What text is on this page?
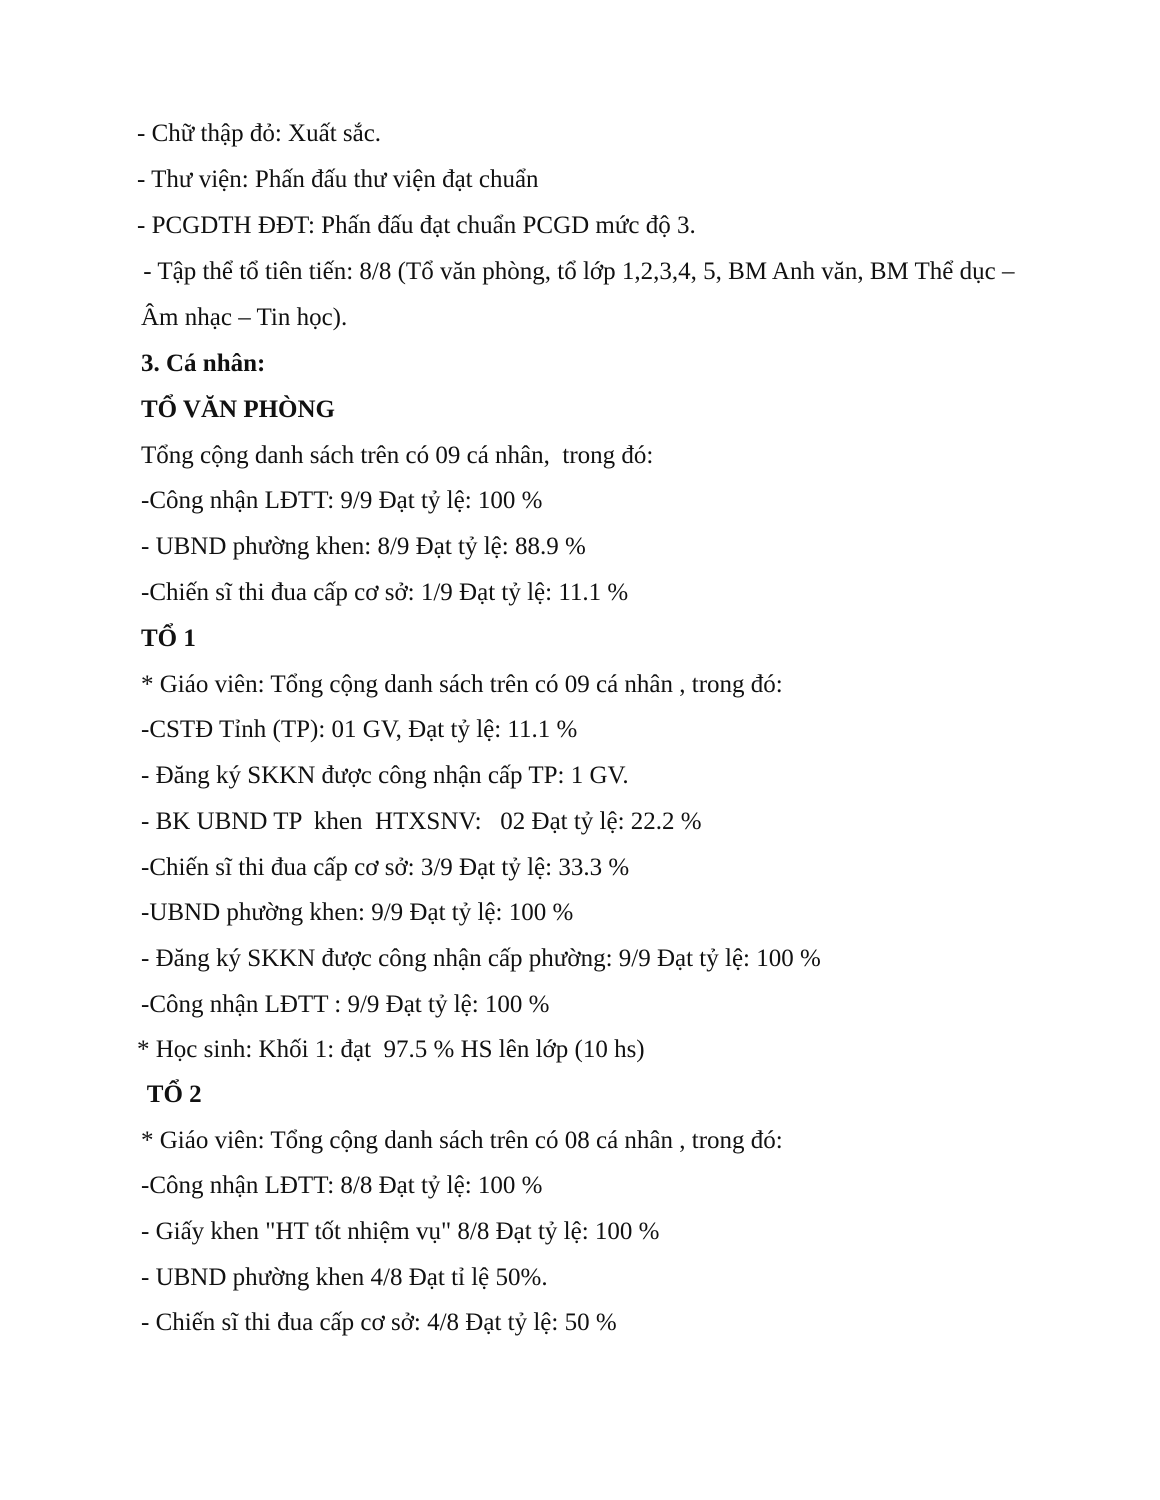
- Chữ thập đỏ: Xuất sắc.
- Thư viện: Phấn đấu thư viện đạt chuẩn
- PCGDTH ĐĐT: Phấn đấu đạt chuẩn PCGD mức độ 3.
- Tập thể tổ tiên tiến: 8/8 (Tổ văn phòng, tổ lớp 1,2,3,4, 5, BM Anh văn, BM Thể dục –
Âm nhạc – Tin học).
3. Cá nhân:
TỔ VĂN PHÒNG
Tổng cộng danh sách trên có 09 cá nhân,  trong đó:
-Công nhận LĐTT: 9/9 Đạt tỷ lệ: 100 %
- UBND phường khen: 8/9 Đạt tỷ lệ: 88.9 %
-Chiến sĩ thi đua cấp cơ sở: 1/9 Đạt tỷ lệ: 11.1 %
TỔ 1
* Giáo viên: Tổng cộng danh sách trên có 09 cá nhân , trong đó:
-CSTĐ Tỉnh (TP): 01 GV, Đạt tỷ lệ: 11.1 %
- Đăng ký SKKN được công nhận cấp TP: 1 GV.
- BK UBND TP  khen  HTXSNV:   02 Đạt tỷ lệ: 22.2 %
-Chiến sĩ thi đua cấp cơ sở: 3/9 Đạt tỷ lệ: 33.3 %
-UBND phường khen: 9/9 Đạt tỷ lệ: 100 %
- Đăng ký SKKN được công nhận cấp phường: 9/9 Đạt tỷ lệ: 100 %
-Công nhận LĐTT : 9/9 Đạt tỷ lệ: 100 %
* Học sinh: Khối 1: đạt  97.5 % HS lên lớp (10 hs)
TỔ 2
* Giáo viên: Tổng cộng danh sách trên có 08 cá nhân , trong đó:
-Công nhận LĐTT: 8/8 Đạt tỷ lệ: 100 %
- Giấy khen "HT tốt nhiệm vụ" 8/8 Đạt tỷ lệ: 100 %
- UBND phường khen 4/8 Đạt tỉ lệ 50%.
- Chiến sĩ thi đua cấp cơ sở: 4/8 Đạt tỷ lệ: 50 %
